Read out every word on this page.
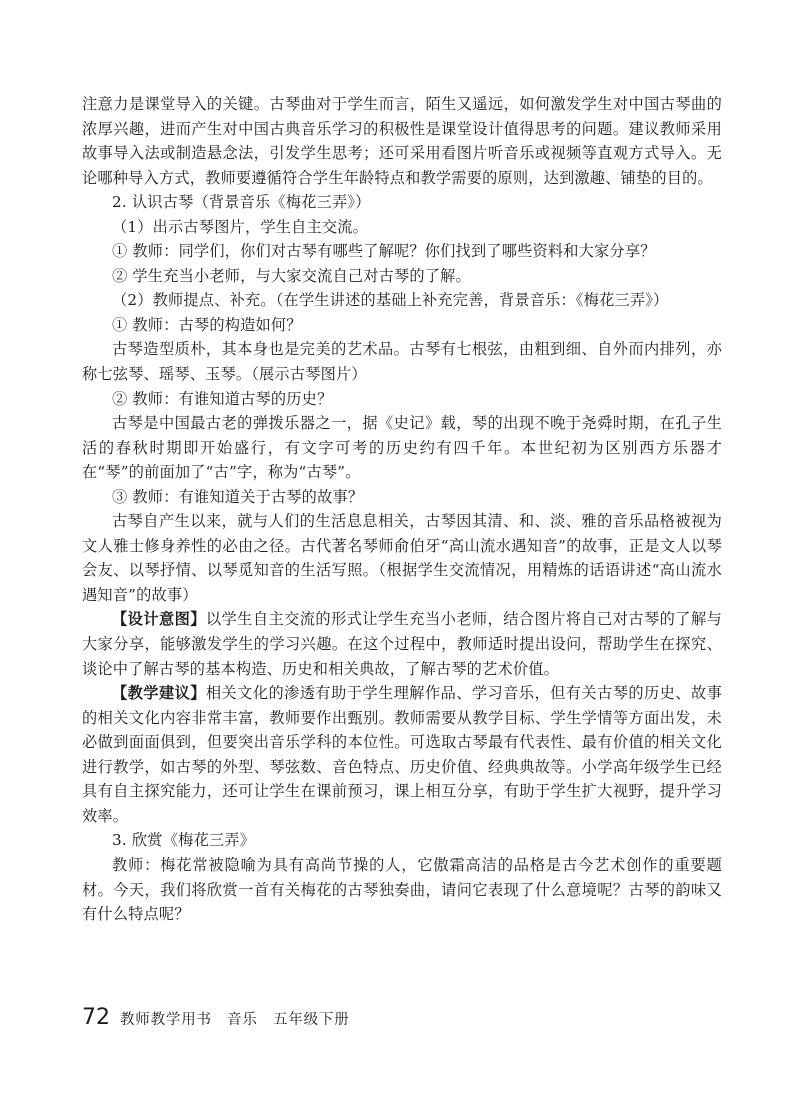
注意力是课堂导入的关键。古琴曲对于学生而言，陌生又遥远，如何激发学生对中国古琴曲的浓厚兴趣，进而产生对中国古典音乐学习的积极性是课堂设计值得思考的问题。建议教师采用故事导入法或制造悬念法，引发学生思考；还可采用看图片听音乐或视频等直观方式导入。无论哪种导入方式，教师要遵循符合学生年龄特点和教学需要的原则，达到激趣、铺垫的目的。

2. 认识古琴（背景音乐《梅花三弄》）

（1）出示古琴图片，学生自主交流。

① 教师：同学们，你们对古琴有哪些了解呢？你们找到了哪些资料和大家分享？

② 学生充当小老师，与大家交流自己对古琴的了解。

（2）教师提点、补充。（在学生讲述的基础上补充完善，背景音乐：《梅花三弄》）

① 教师：古琴的构造如何？

古琴造型质朴，其本身也是完美的艺术品。古琴有七根弦，由粗到细、自外而内排列，亦称七弦琴、瑶琴、玉琴。（展示古琴图片）

② 教师：有谁知道古琴的历史？

古琴是中国最古老的弹拨乐器之一，据《史记》载，琴的出现不晚于尧舜时期，在孔子生活的春秋时期即开始盛行，有文字可考的历史约有四千年。本世纪初为区别西方乐器才在“琴”的前面加了“古”字，称为“古琴”。

③ 教师：有谁知道关于古琴的故事？

古琴自产生以来，就与人们的生活息息相关，古琴因其清、和、淡、雅的音乐品格被视为文人雅士修身养性的必由之径。古代著名琴师俞伯牙“高山流水遇知音”的故事，正是文人以琴会友、以琴抒情、以琴觅知音的生活写照。（根据学生交流情况，用精炼的话语讲述“高山流水遇知音”的故事）

【设计意图】以学生自主交流的形式让学生充当小老师，结合图片将自己对古琴的了解与大家分享，能够激发学生的学习兴趣。在这个过程中，教师适时提出设问，帮助学生在探究、谈论中了解古琴的基本构造、历史和相关典故，了解古琴的艺术价值。

【教学建议】相关文化的渗透有助于学生理解作品、学习音乐，但有关古琴的历史、故事的相关文化内容非常丰富，教师要作出甄别。教师需要从教学目标、学生学情等方面出发，未必做到面面俱到，但要突出音乐学科的本位性。可选取古琴最有代表性、最有价值的相关文化进行教学，如古琴的外型、琴弦数、音色特点、历史价值、经典典故等。小学高年级学生已经具有自主探究能力，还可让学生在课前预习，课上相互分享，有助于学生扩大视野，提升学习效率。

3. 欣赏《梅花三弄》

教师：梅花常被隐喻为具有高尚节操的人，它傲霜高洁的品格是古今艺术创作的重要题材。今天，我们将欣赏一首有关梅花的古琴独奏曲，请问它表现了什么意境呢？古琴的韵味又有什么特点呢？

72 教师教学用书　音乐　五年级下册
